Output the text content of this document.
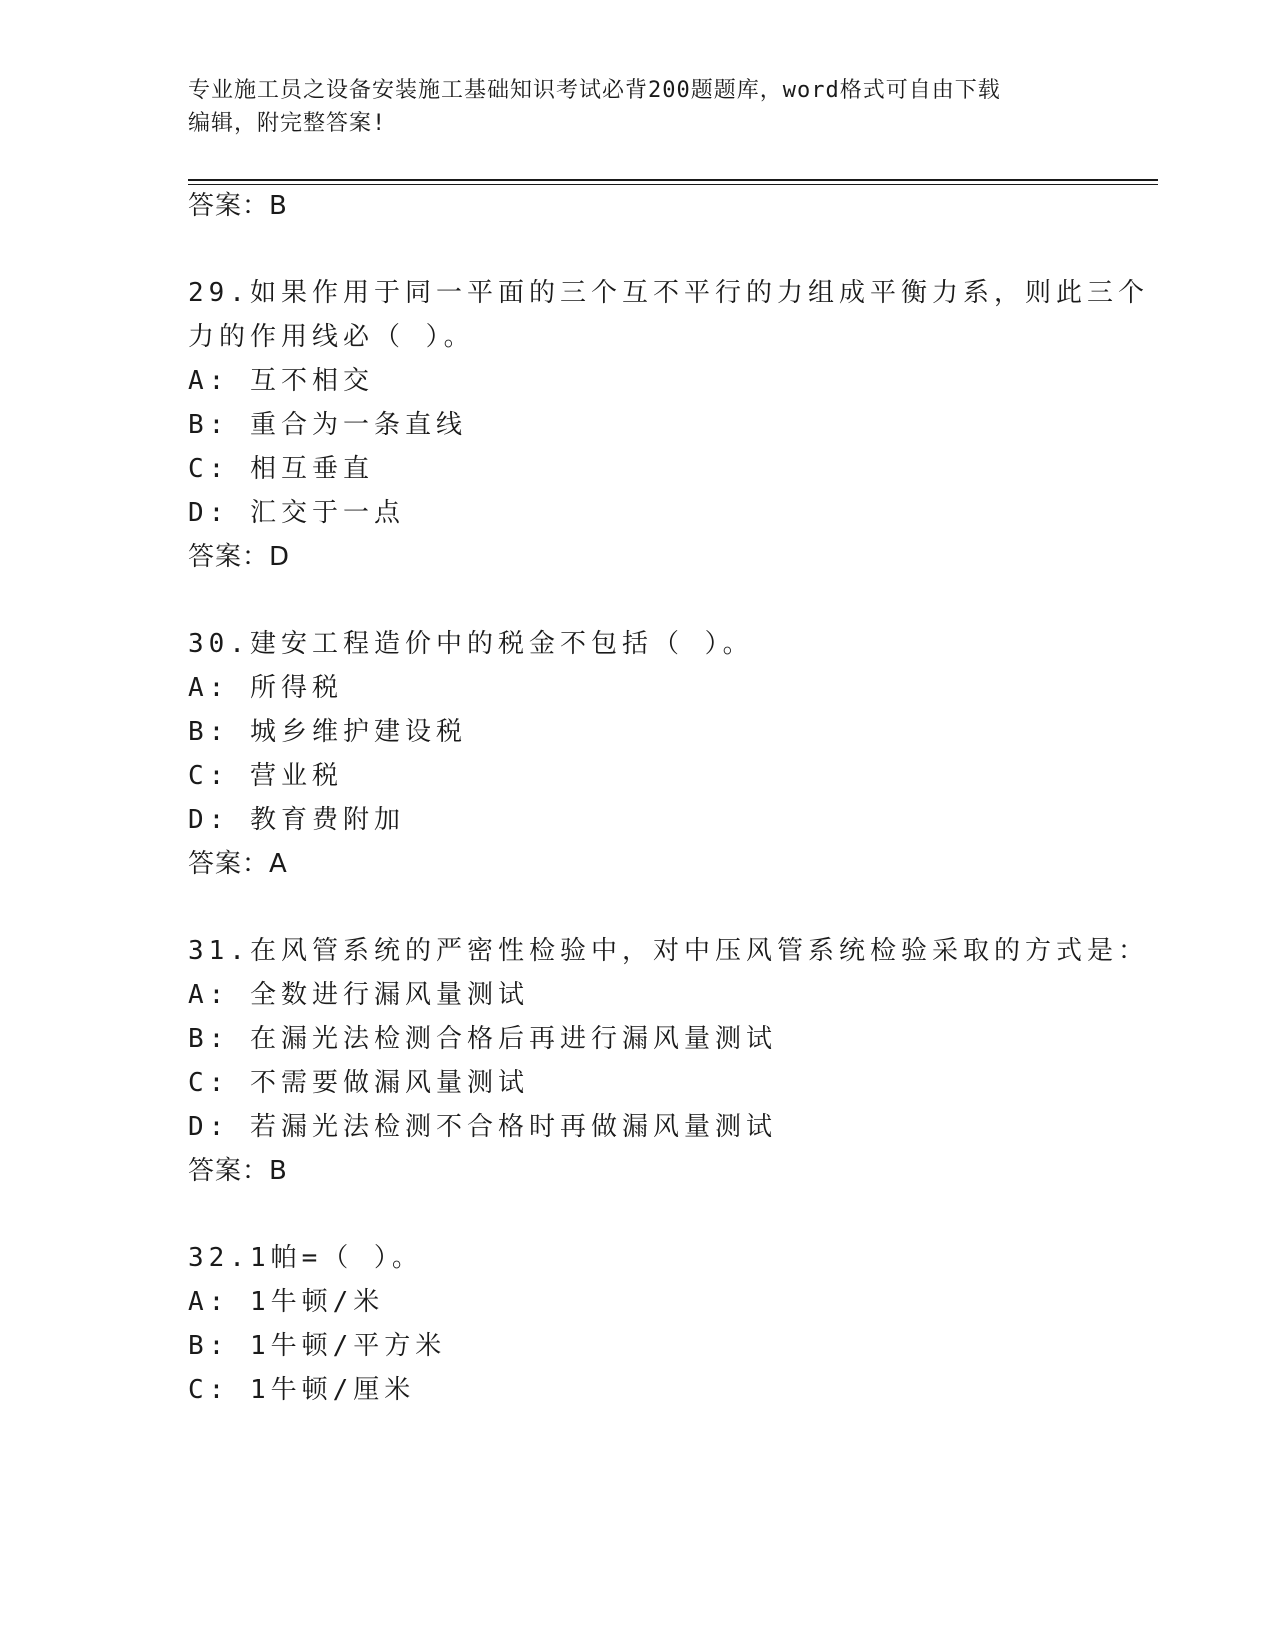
专业施工员之设备安装施工基础知识考试必背200题题库，word格式可自由下载
编辑，附完整答案!
答案：B
29.如果作用于同一平面的三个互不平行的力组成平衡力系，则此三个
力的作用线必（ ）。
A: 互不相交
B: 重合为一条直线
C: 相互垂直
D: 汇交于一点
答案：D
30.建安工程造价中的税金不包括（ ）。
A: 所得税
B: 城乡维护建设税
C: 营业税
D: 教育费附加
答案：A
31.在风管系统的严密性检验中，对中压风管系统检验采取的方式是：
A: 全数进行漏风量测试
B: 在漏光法检测合格后再进行漏风量测试
C: 不需要做漏风量测试
D: 若漏光法检测不合格时再做漏风量测试
答案：B
32.1帕=（ ）。
A: 1牛顿/米
B: 1牛顿/平方米
C: 1牛顿/厘米
